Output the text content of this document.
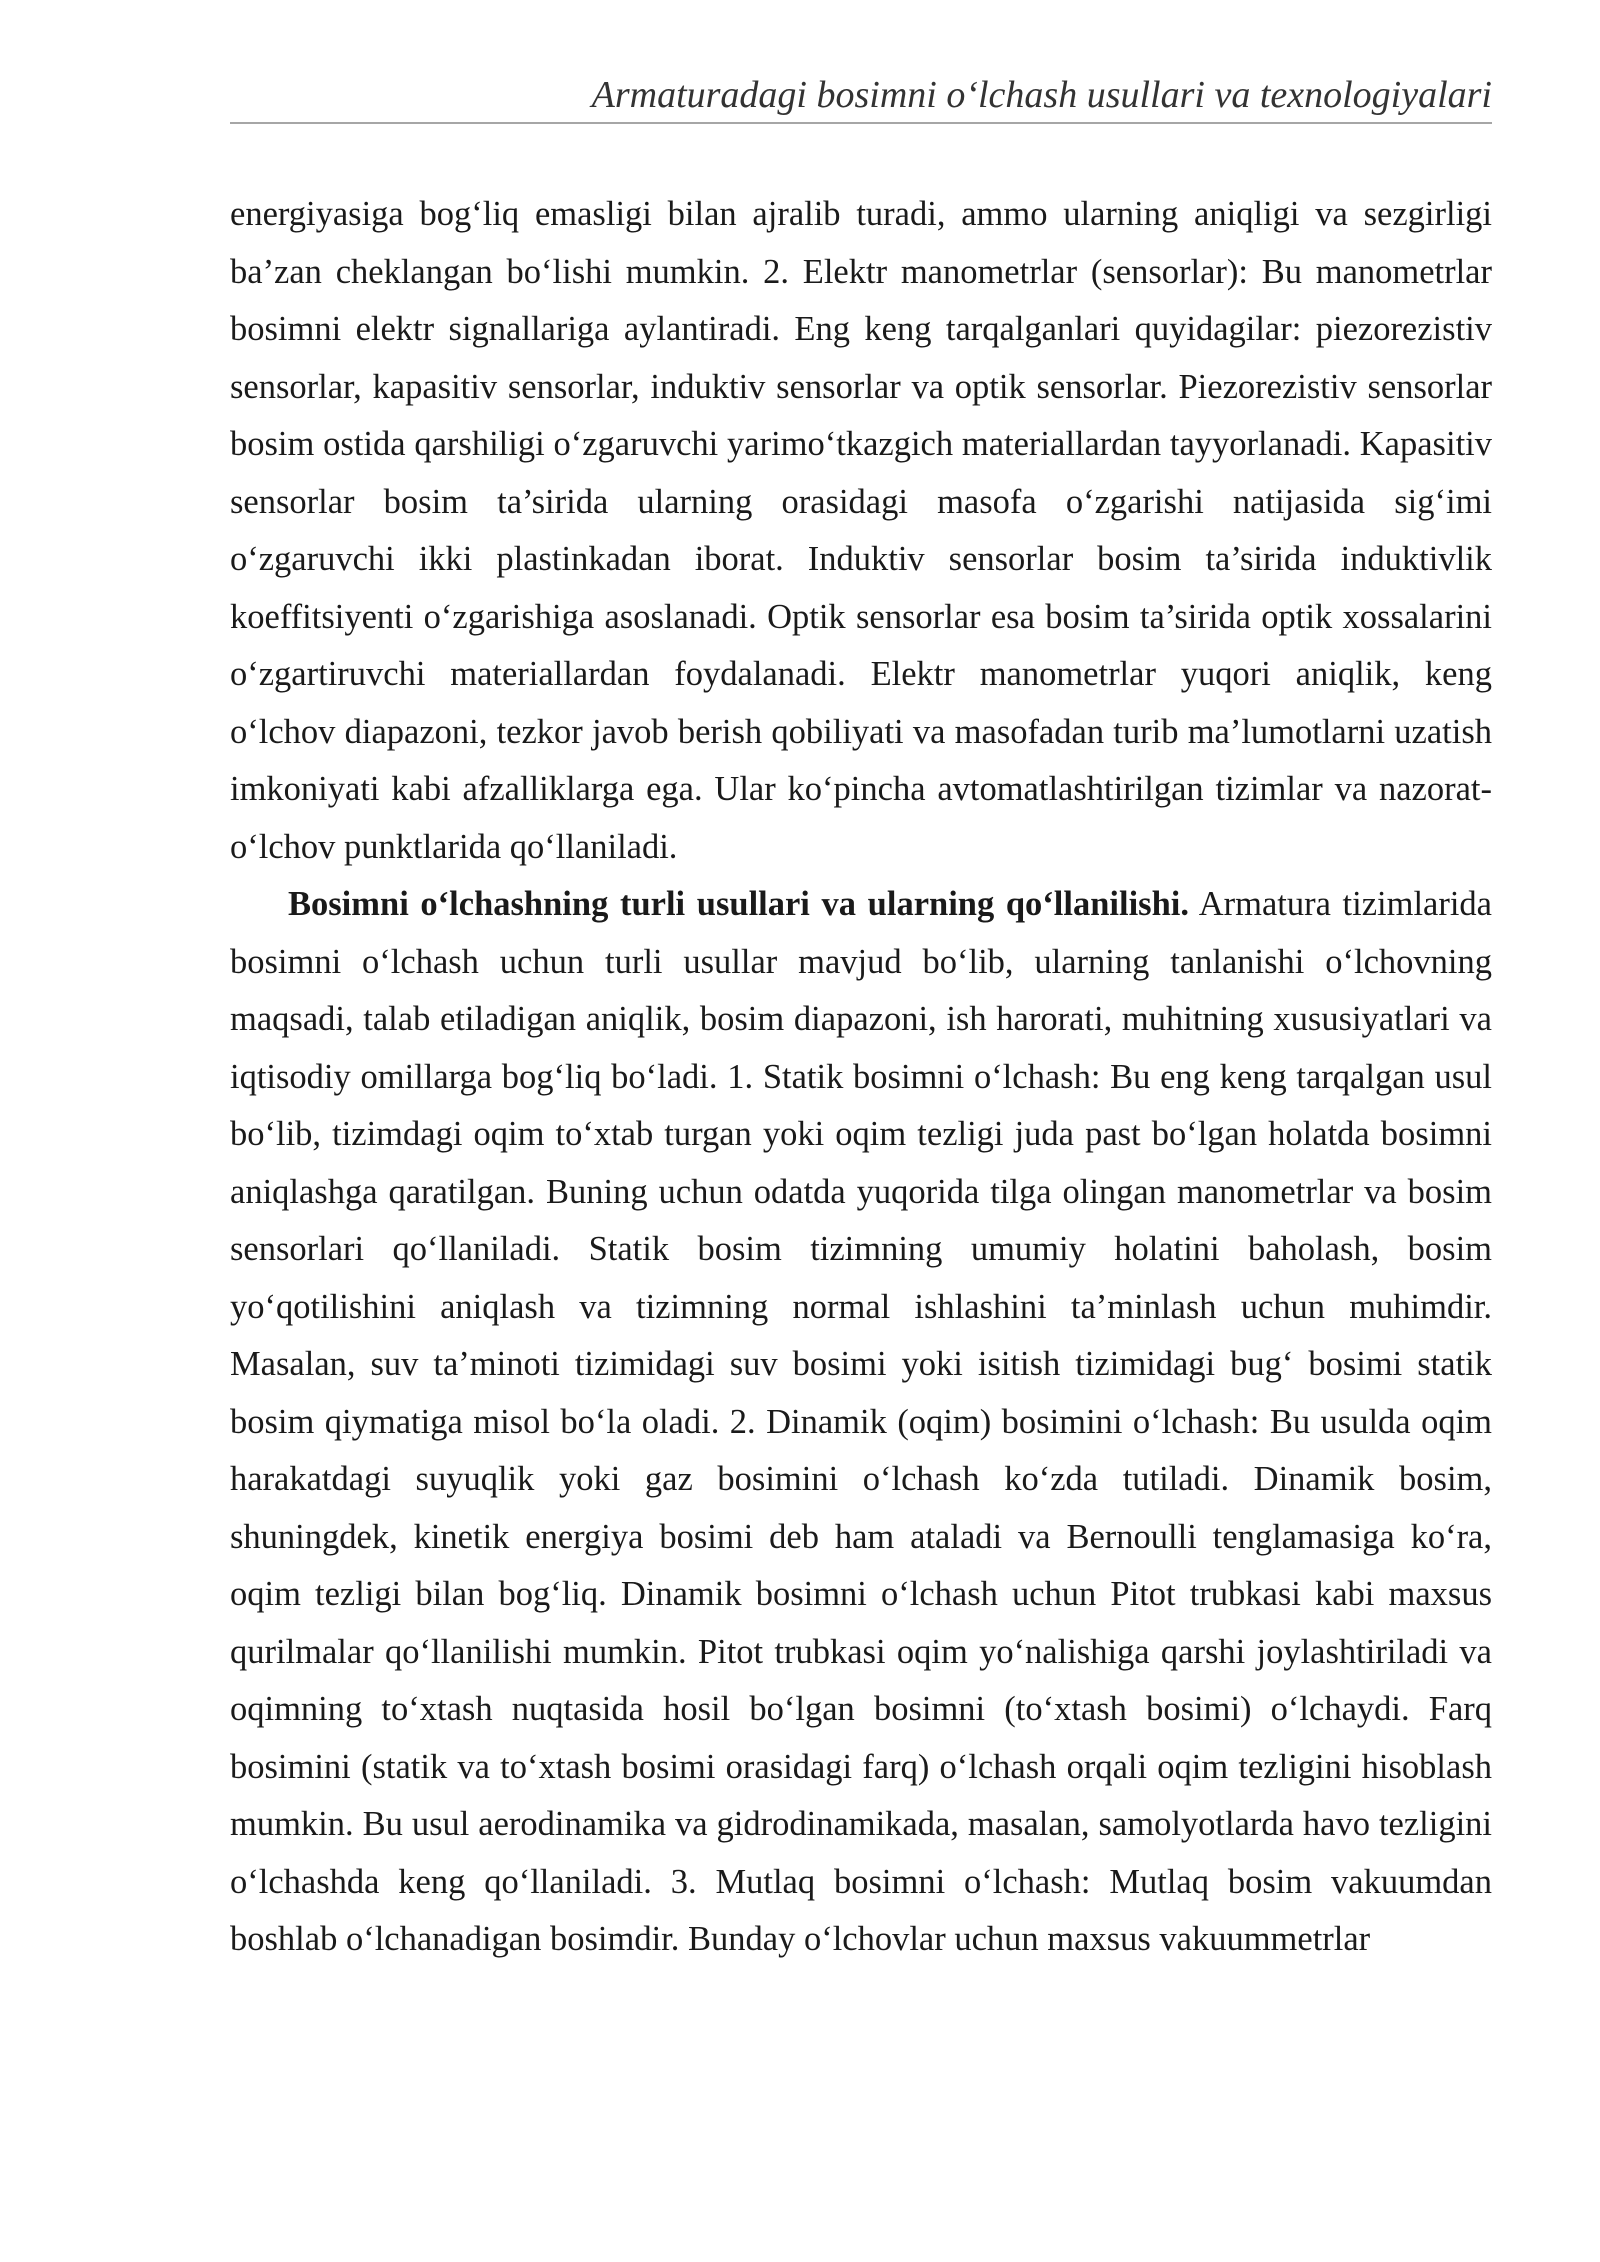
Armaturadagi bosimni o‘lchash usullari va texnologiyalari

energiyasiga bog‘liq emasligi bilan ajralib turadi, ammo ularning aniqligi va sezgirligi ba’zan cheklangan bo‘lishi mumkin. 2. Elektr manometrlar (sensorlar): Bu manometrlar bosimni elektr signallariga aylantiradi. Eng keng tarqalganlari quyidagilar: piezorezistiv sensorlar, kapasitiv sensorlar, induktiv sensorlar va optik sensorlar. Piezorezistiv sensorlar bosim ostida qarshiligi o‘zgaruvchi yarimo‘tkazgich materiallardan tayyorlanadi. Kapasitiv sensorlar bosim ta’sirida ularning orasidagi masofa o‘zgarishi natijasida sig‘imi o‘zgaruvchi ikki plastinkadan iborat. Induktiv sensorlar bosim ta’sirida induktivlik koeffitsiyenti o‘zgarishiga asoslanadi. Optik sensorlar esa bosim ta’sirida optik xossalarini o‘zgartiruvchi materiallardan foydalanadi. Elektr manometrlar yuqori aniqlik, keng o‘lchov diapazoni, tezkor javob berish qobiliyati va masofadan turib ma’lumotlarni uzatish imkoniyati kabi afzalliklarga ega. Ular ko‘pincha avtomatlashtirilgan tizimlar va nazorat-o‘lchov punktlarida qo‘llaniladi.

Bosimni o‘lchashning turli usullari va ularning qo‘llanilishi. Armatura tizimlarida bosimni o‘lchash uchun turli usullar mavjud bo‘lib, ularning tanlanishi o‘lchovning maqsadi, talab etiladigan aniqlik, bosim diapazoni, ish harorati, muhitning xususiyatlari va iqtisodiy omillarga bog‘liq bo‘ladi. 1. Statik bosimni o‘lchash: Bu eng keng tarqalgan usul bo‘lib, tizimdagi oqim to‘xtab turgan yoki oqim tezligi juda past bo‘lgan holatda bosimni aniqlashga qaratilgan. Buning uchun odatda yuqorida tilga olingan manometrlar va bosim sensorlari qo‘llaniladi. Statik bosim tizimning umumiy holatini baholash, bosim yo‘qotilishini aniqlash va tizimning normal ishlashini ta’minlash uchun muhimdir. Masalan, suv ta’minoti tizimidagi suv bosimi yoki isitish tizimidagi bug‘ bosimi statik bosim qiymatiga misol bo‘la oladi. 2. Dinamik (oqim) bosimini o‘lchash: Bu usulda oqim harakatdagi suyuqlik yoki gaz bosimini o‘lchash ko‘zda tutiladi. Dinamik bosim, shuningdek, kinetik energiya bosimi deb ham ataladi va Bernoulli tenglamasiga ko‘ra, oqim tezligi bilan bog‘liq. Dinamik bosimni o‘lchash uchun Pitot trubkasi kabi maxsus qurilmalar qo‘llanilishi mumkin. Pitot trubkasi oqim yo‘nalishiga qarshi joylashtiriladi va oqimning to‘xtash nuqtasida hosil bo‘lgan bosimni (to‘xtash bosimi) o‘lchaydi. Farq bosimini (statik va to‘xtash bosimi orasidagi farq) o‘lchash orqali oqim tezligini hisoblash mumkin. Bu usul aerodinamika va gidrodinamikada, masalan, samolyotlarda havo tezligini o‘lchashda keng qo‘llaniladi. 3. Mutlaq bosimni o‘lchash: Mutlaq bosim vakuumdan boshlab o‘lchanadigan bosimdir. Bunday o‘lchovlar uchun maxsus vakuummetrlar
